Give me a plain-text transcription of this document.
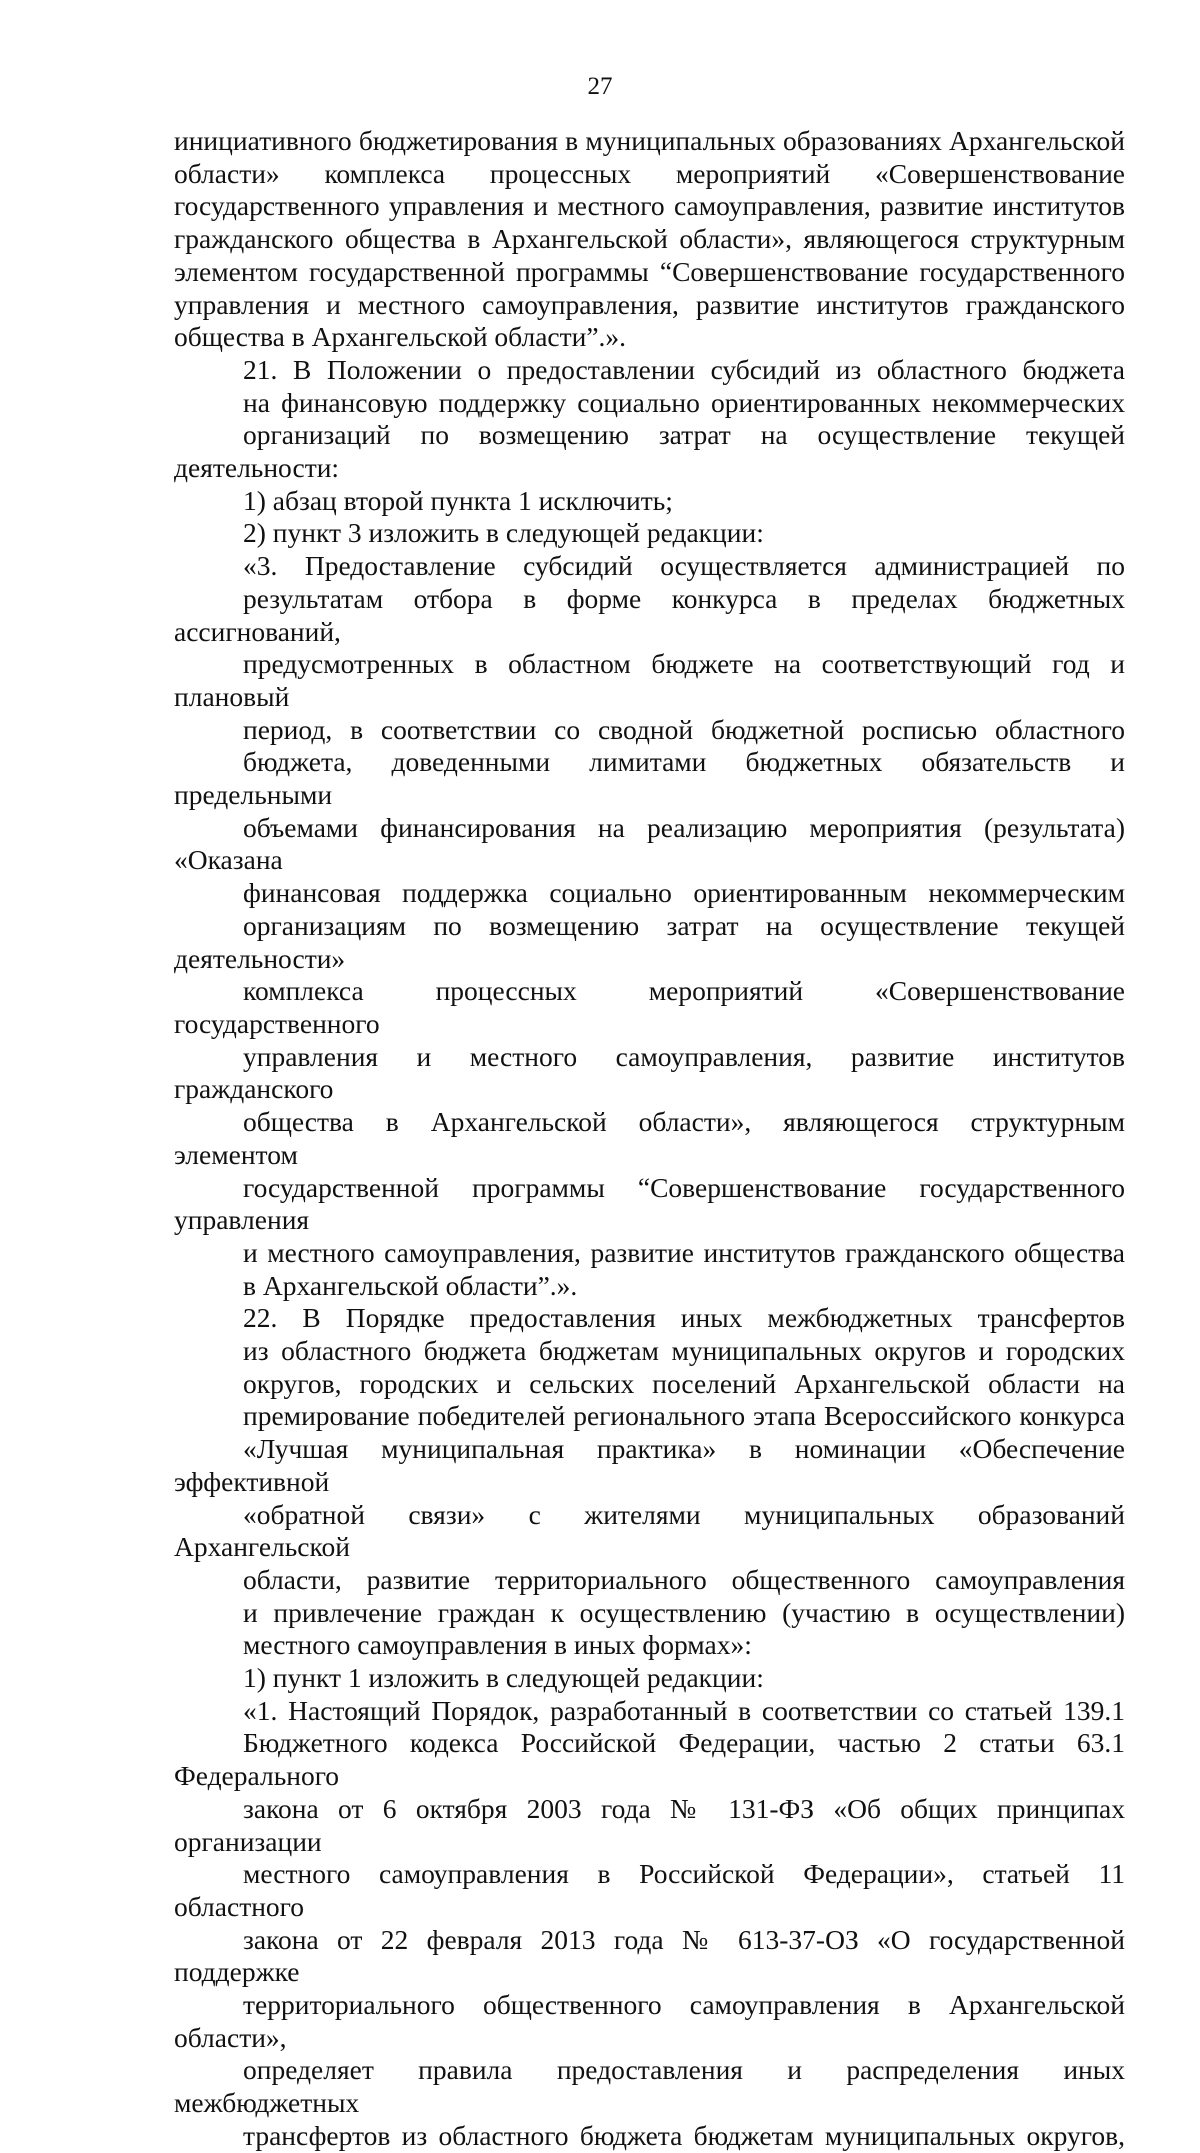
27
инициативного бюджетирования в муниципальных образованиях Архангельской
области» комплекса процессных мероприятий «Совершенствование
государственного управления и местного самоуправления, развитие институтов
гражданского общества в Архангельской области», являющегося структурным
элементом государственной программы “Совершенствование государственного
управления и местного самоуправления, развитие институтов гражданского
общества в Архангельской области”.».
21. В Положении о предоставлении субсидий из областного бюджета
на финансовую поддержку социально ориентированных некоммерческих
организаций по возмещению затрат на осуществление текущей деятельности:
1) абзац второй пункта 1 исключить;
2) пункт 3 изложить в следующей редакции:
«3. Предоставление субсидий осуществляется администрацией по
результатам отбора в форме конкурса в пределах бюджетных ассигнований,
предусмотренных в областном бюджете на соответствующий год и плановый
период, в соответствии со сводной бюджетной росписью областного
бюджета, доведенными лимитами бюджетных обязательств и предельными
объемами финансирования на реализацию мероприятия (результата) «Оказана
финансовая поддержка социально ориентированным некоммерческим
организациям по возмещению затрат на осуществление текущей деятельности»
комплекса процессных мероприятий «Совершенствование государственного
управления и местного самоуправления, развитие институтов гражданского
общества в Архангельской области», являющегося структурным элементом
государственной программы “Совершенствование государственного управления
и местного самоуправления, развитие институтов гражданского общества
в Архангельской области”.».
22. В Порядке предоставления иных межбюджетных трансфертов
из областного бюджета бюджетам муниципальных округов и городских
округов, городских и сельских поселений Архангельской области на
премирование победителей регионального этапа Всероссийского конкурса
«Лучшая муниципальная практика» в номинации «Обеспечение эффективной
«обратной связи» с жителями муниципальных образований Архангельской
области, развитие территориального общественного самоуправления
и привлечение граждан к осуществлению (участию в осуществлении)
местного самоуправления в иных формах»:
1) пункт 1 изложить в следующей редакции:
«1. Настоящий Порядок, разработанный в соответствии со статьей 139.1
Бюджетного кодекса Российской Федерации, частью 2 статьи 63.1 Федерального
закона от 6 октября 2003 года № 131-ФЗ «Об общих принципах организации
местного самоуправления в Российской Федерации», статьей 11 областного
закона от 22 февраля 2013 года № 613-37-ОЗ «О государственной поддержке
территориального общественного самоуправления в Архангельской области»,
определяет правила предоставления и распределения иных межбюджетных
трансфертов из областного бюджета бюджетам муниципальных округов,
